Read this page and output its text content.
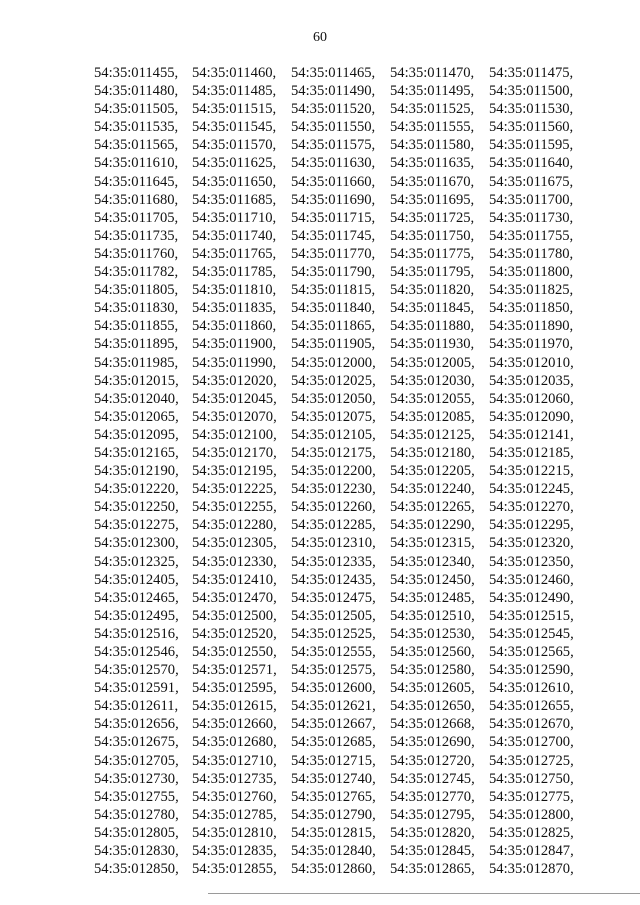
60
54:35:011455, 54:35:011460,	54:35:011465,	54:35:011470,	54:35:011475,
54:35:011480, 54:35:011485,	54:35:011490,	54:35:011495,	54:35:011500,
54:35:011505, 54:35:011515,	54:35:011520,	54:35:011525,	54:35:011530,
54:35:011535, 54:35:011545,	54:35:011550,	54:35:011555,	54:35:011560,
54:35:011565, 54:35:011570,	54:35:011575,	54:35:011580,	54:35:011595,
54:35:011610, 54:35:011625,	54:35:011630,	54:35:011635,	54:35:011640,
54:35:011645, 54:35:011650,	54:35:011660,	54:35:011670,	54:35:011675,
54:35:011680, 54:35:011685,	54:35:011690,	54:35:011695,	54:35:011700,
54:35:011705, 54:35:011710,	54:35:011715,	54:35:011725,	54:35:011730,
54:35:011735, 54:35:011740,	54:35:011745,	54:35:011750,	54:35:011755,
54:35:011760, 54:35:011765,	54:35:011770,	54:35:011775,	54:35:011780,
54:35:011782, 54:35:011785,	54:35:011790,	54:35:011795,	54:35:011800,
54:35:011805, 54:35:011810,	54:35:011815,	54:35:011820,	54:35:011825,
54:35:011830, 54:35:011835,	54:35:011840,	54:35:011845,	54:35:011850,
54:35:011855, 54:35:011860,	54:35:011865,	54:35:011880,	54:35:011890,
54:35:011895, 54:35:011900,	54:35:011905,	54:35:011930,	54:35:011970,
54:35:011985, 54:35:011990,	54:35:012000, 54:35:012005, 54:35:012010,
54:35:012015, 54:35:012020, 54:35:012025, 54:35:012030, 54:35:012035,
54:35:012040, 54:35:012045, 54:35:012050, 54:35:012055, 54:35:012060,
54:35:012065, 54:35:012070, 54:35:012075, 54:35:012085, 54:35:012090,
54:35:012095, 54:35:012100, 54:35:012105, 54:35:012125, 54:35:012141,
54:35:012165, 54:35:012170, 54:35:012175, 54:35:012180, 54:35:012185,
54:35:012190, 54:35:012195, 54:35:012200, 54:35:012205, 54:35:012215,
54:35:012220, 54:35:012225, 54:35:012230, 54:35:012240, 54:35:012245,
54:35:012250, 54:35:012255, 54:35:012260, 54:35:012265, 54:35:012270,
54:35:012275, 54:35:012280, 54:35:012285, 54:35:012290, 54:35:012295,
54:35:012300, 54:35:012305, 54:35:012310, 54:35:012315, 54:35:012320,
54:35:012325, 54:35:012330, 54:35:012335, 54:35:012340, 54:35:012350,
54:35:012405, 54:35:012410, 54:35:012435, 54:35:012450, 54:35:012460,
54:35:012465, 54:35:012470, 54:35:012475, 54:35:012485, 54:35:012490,
54:35:012495, 54:35:012500, 54:35:012505, 54:35:012510, 54:35:012515,
54:35:012516, 54:35:012520, 54:35:012525, 54:35:012530, 54:35:012545,
54:35:012546, 54:35:012550, 54:35:012555, 54:35:012560, 54:35:012565,
54:35:012570, 54:35:012571, 54:35:012575, 54:35:012580, 54:35:012590,
54:35:012591, 54:35:012595, 54:35:012600, 54:35:012605, 54:35:012610,
54:35:012611, 54:35:012615, 54:35:012621, 54:35:012650, 54:35:012655,
54:35:012656, 54:35:012660, 54:35:012667, 54:35:012668, 54:35:012670,
54:35:012675, 54:35:012680, 54:35:012685, 54:35:012690, 54:35:012700,
54:35:012705, 54:35:012710, 54:35:012715, 54:35:012720, 54:35:012725,
54:35:012730, 54:35:012735, 54:35:012740, 54:35:012745, 54:35:012750,
54:35:012755, 54:35:012760, 54:35:012765, 54:35:012770, 54:35:012775,
54:35:012780, 54:35:012785, 54:35:012790, 54:35:012795, 54:35:012800,
54:35:012805, 54:35:012810, 54:35:012815, 54:35:012820, 54:35:012825,
54:35:012830, 54:35:012835, 54:35:012840, 54:35:012845, 54:35:012847,
54:35:012850, 54:35:012855, 54:35:012860, 54:35:012865, 54:35:012870,
